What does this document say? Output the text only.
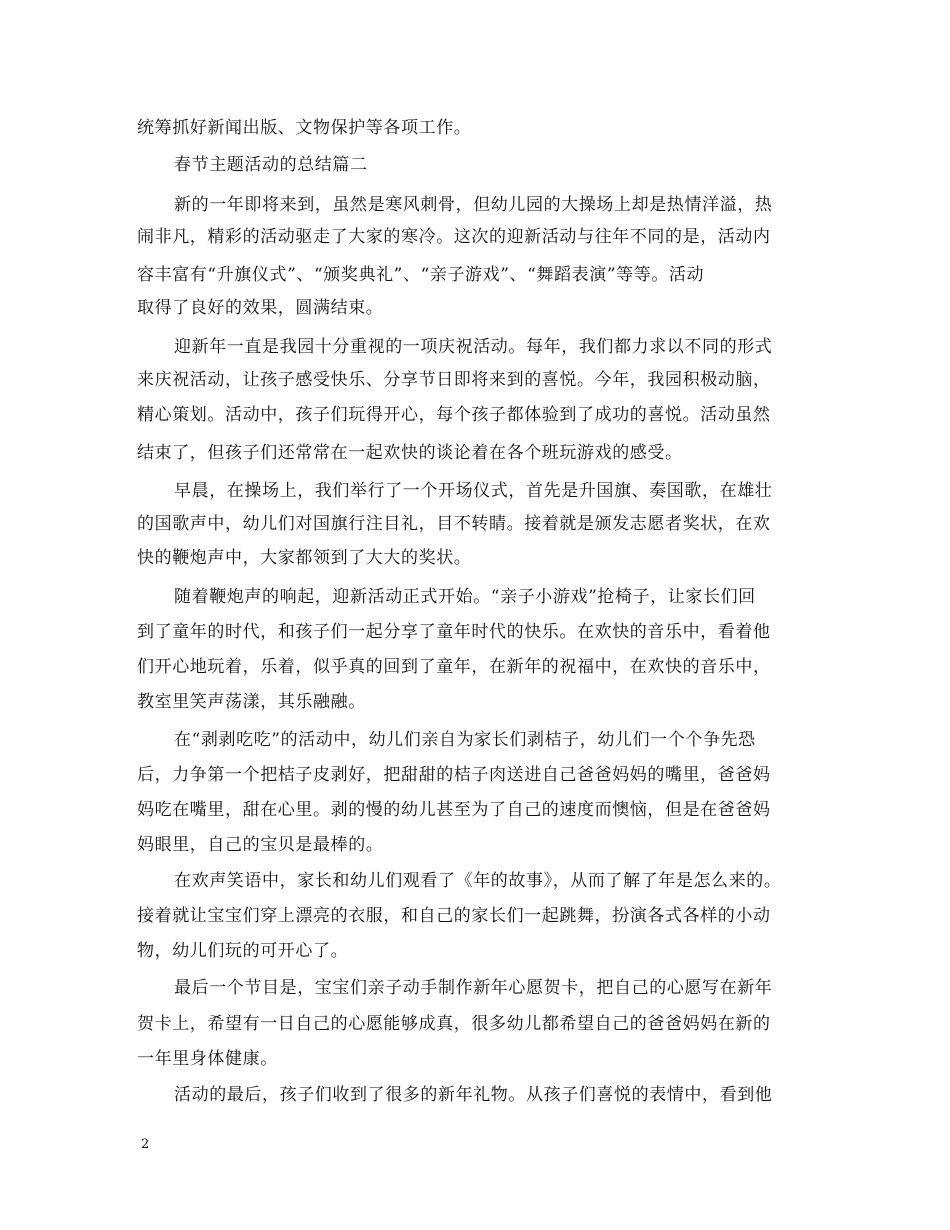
统筹抓好新闻出版、文物保护等各项工作。
春节主题活动的总结篇二
新的一年即将来到，虽然是寒风刺骨，但幼儿园的大操场上却是热情洋溢，热
闹非凡，精彩的活动驱走了大家的寒冷。这次的迎新活动与往年不同的是，活动内
容丰富有“升旗仪式”、“颁奖典礼”、“亲子游戏”、“舞蹈表演”等等。活动
取得了良好的效果，圆满结束。
迎新年一直是我园十分重视的一项庆祝活动。每年，我们都力求以不同的形式
来庆祝活动，让孩子感受快乐、分享节日即将来到的喜悦。今年，我园积极动脑，
精心策划。活动中，孩子们玩得开心，每个孩子都体验到了成功的喜悦。活动虽然
结束了，但孩子们还常常在一起欢快的谈论着在各个班玩游戏的感受。
早晨，在操场上，我们举行了一个开场仪式，首先是升国旗、奏国歌，在雄壮
的国歌声中，幼儿们对国旗行注目礼，目不转睛。接着就是颁发志愿者奖状，在欢
快的鞭炮声中，大家都领到了大大的奖状。
随着鞭炮声的响起，迎新活动正式开始。“亲子小游戏”抢椅子，让家长们回
到了童年的时代，和孩子们一起分享了童年时代的快乐。在欢快的音乐中，看着他
们开心地玩着，乐着，似乎真的回到了童年，在新年的祝福中，在欢快的音乐中，
教室里笑声荡漾，其乐融融。
在“剥剥吃吃”的活动中，幼儿们亲自为家长们剥桔子，幼儿们一个个争先恐
后，力争第一个把桔子皮剥好，把甜甜的桔子肉送进自己爸爸妈妈的嘴里，爸爸妈
妈吃在嘴里，甜在心里。剥的慢的幼儿甚至为了自己的速度而懊恼，但是在爸爸妈
妈眼里，自己的宝贝是最棒的。
在欢声笑语中，家长和幼儿们观看了《年的故事》，从而了解了年是怎么来的。
接着就让宝宝们穿上漂亮的衣服，和自己的家长们一起跳舞，扮演各式各样的小动
物，幼儿们玩的可开心了。
最后一个节目是，宝宝们亲子动手制作新年心愿贺卡，把自己的心愿写在新年
贺卡上，希望有一日自己的心愿能够成真，很多幼儿都希望自己的爸爸妈妈在新的
一年里身体健康。
活动的最后，孩子们收到了很多的新年礼物。从孩子们喜悦的表情中，看到他
2
